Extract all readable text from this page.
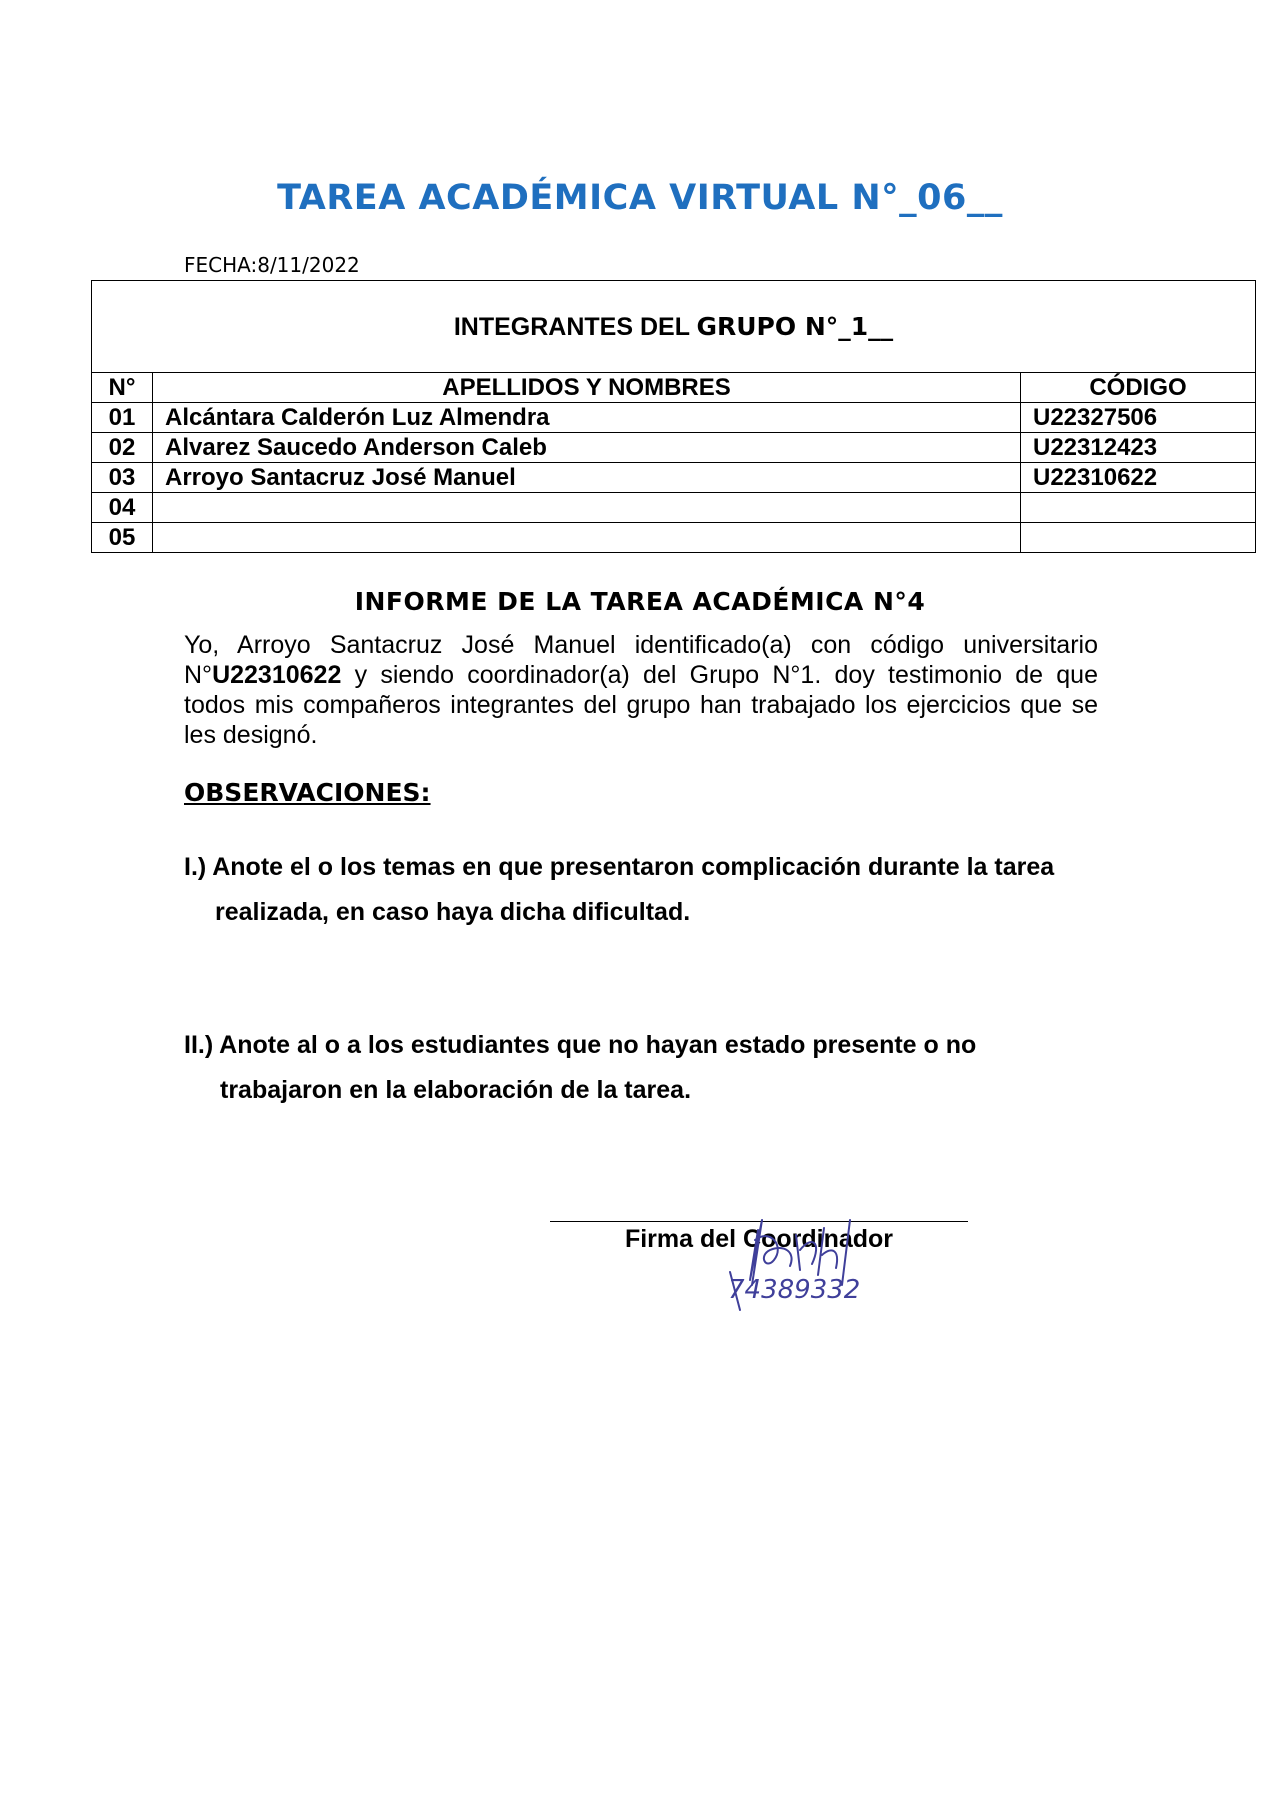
TAREA ACADÉMICA VIRTUAL N°_06__
FECHA:8/11/2022
INTEGRANTES DEL GRUPO N°_1__		
N°	APELLIDOS Y NOMBRES	CÓDIGO
01	Alcántara Calderón Luz Almendra	U22327506
02	Alvarez Saucedo Anderson Caleb	U22312423
03	Arroyo Santacruz José Manuel	U22310622
04		
05		
INFORME DE LA TAREA ACADÉMICA N°4
Yo, Arroyo Santacruz José Manuel identificado(a) con código universitario N°U22310622 y siendo coordinador(a) del Grupo N°1. doy testimonio de que todos mis compañeros integrantes del grupo han trabajado los ejercicios que se les designó.
OBSERVACIONES:
I.) Anote el o los temas en que presentaron complicación durante la tarea
realizada, en caso haya dicha dificultad.
II.) Anote al o a los estudiantes que no hayan estado presente o no
trabajaron en la elaboración de la tarea.
Firma del Coordinador
74389332
